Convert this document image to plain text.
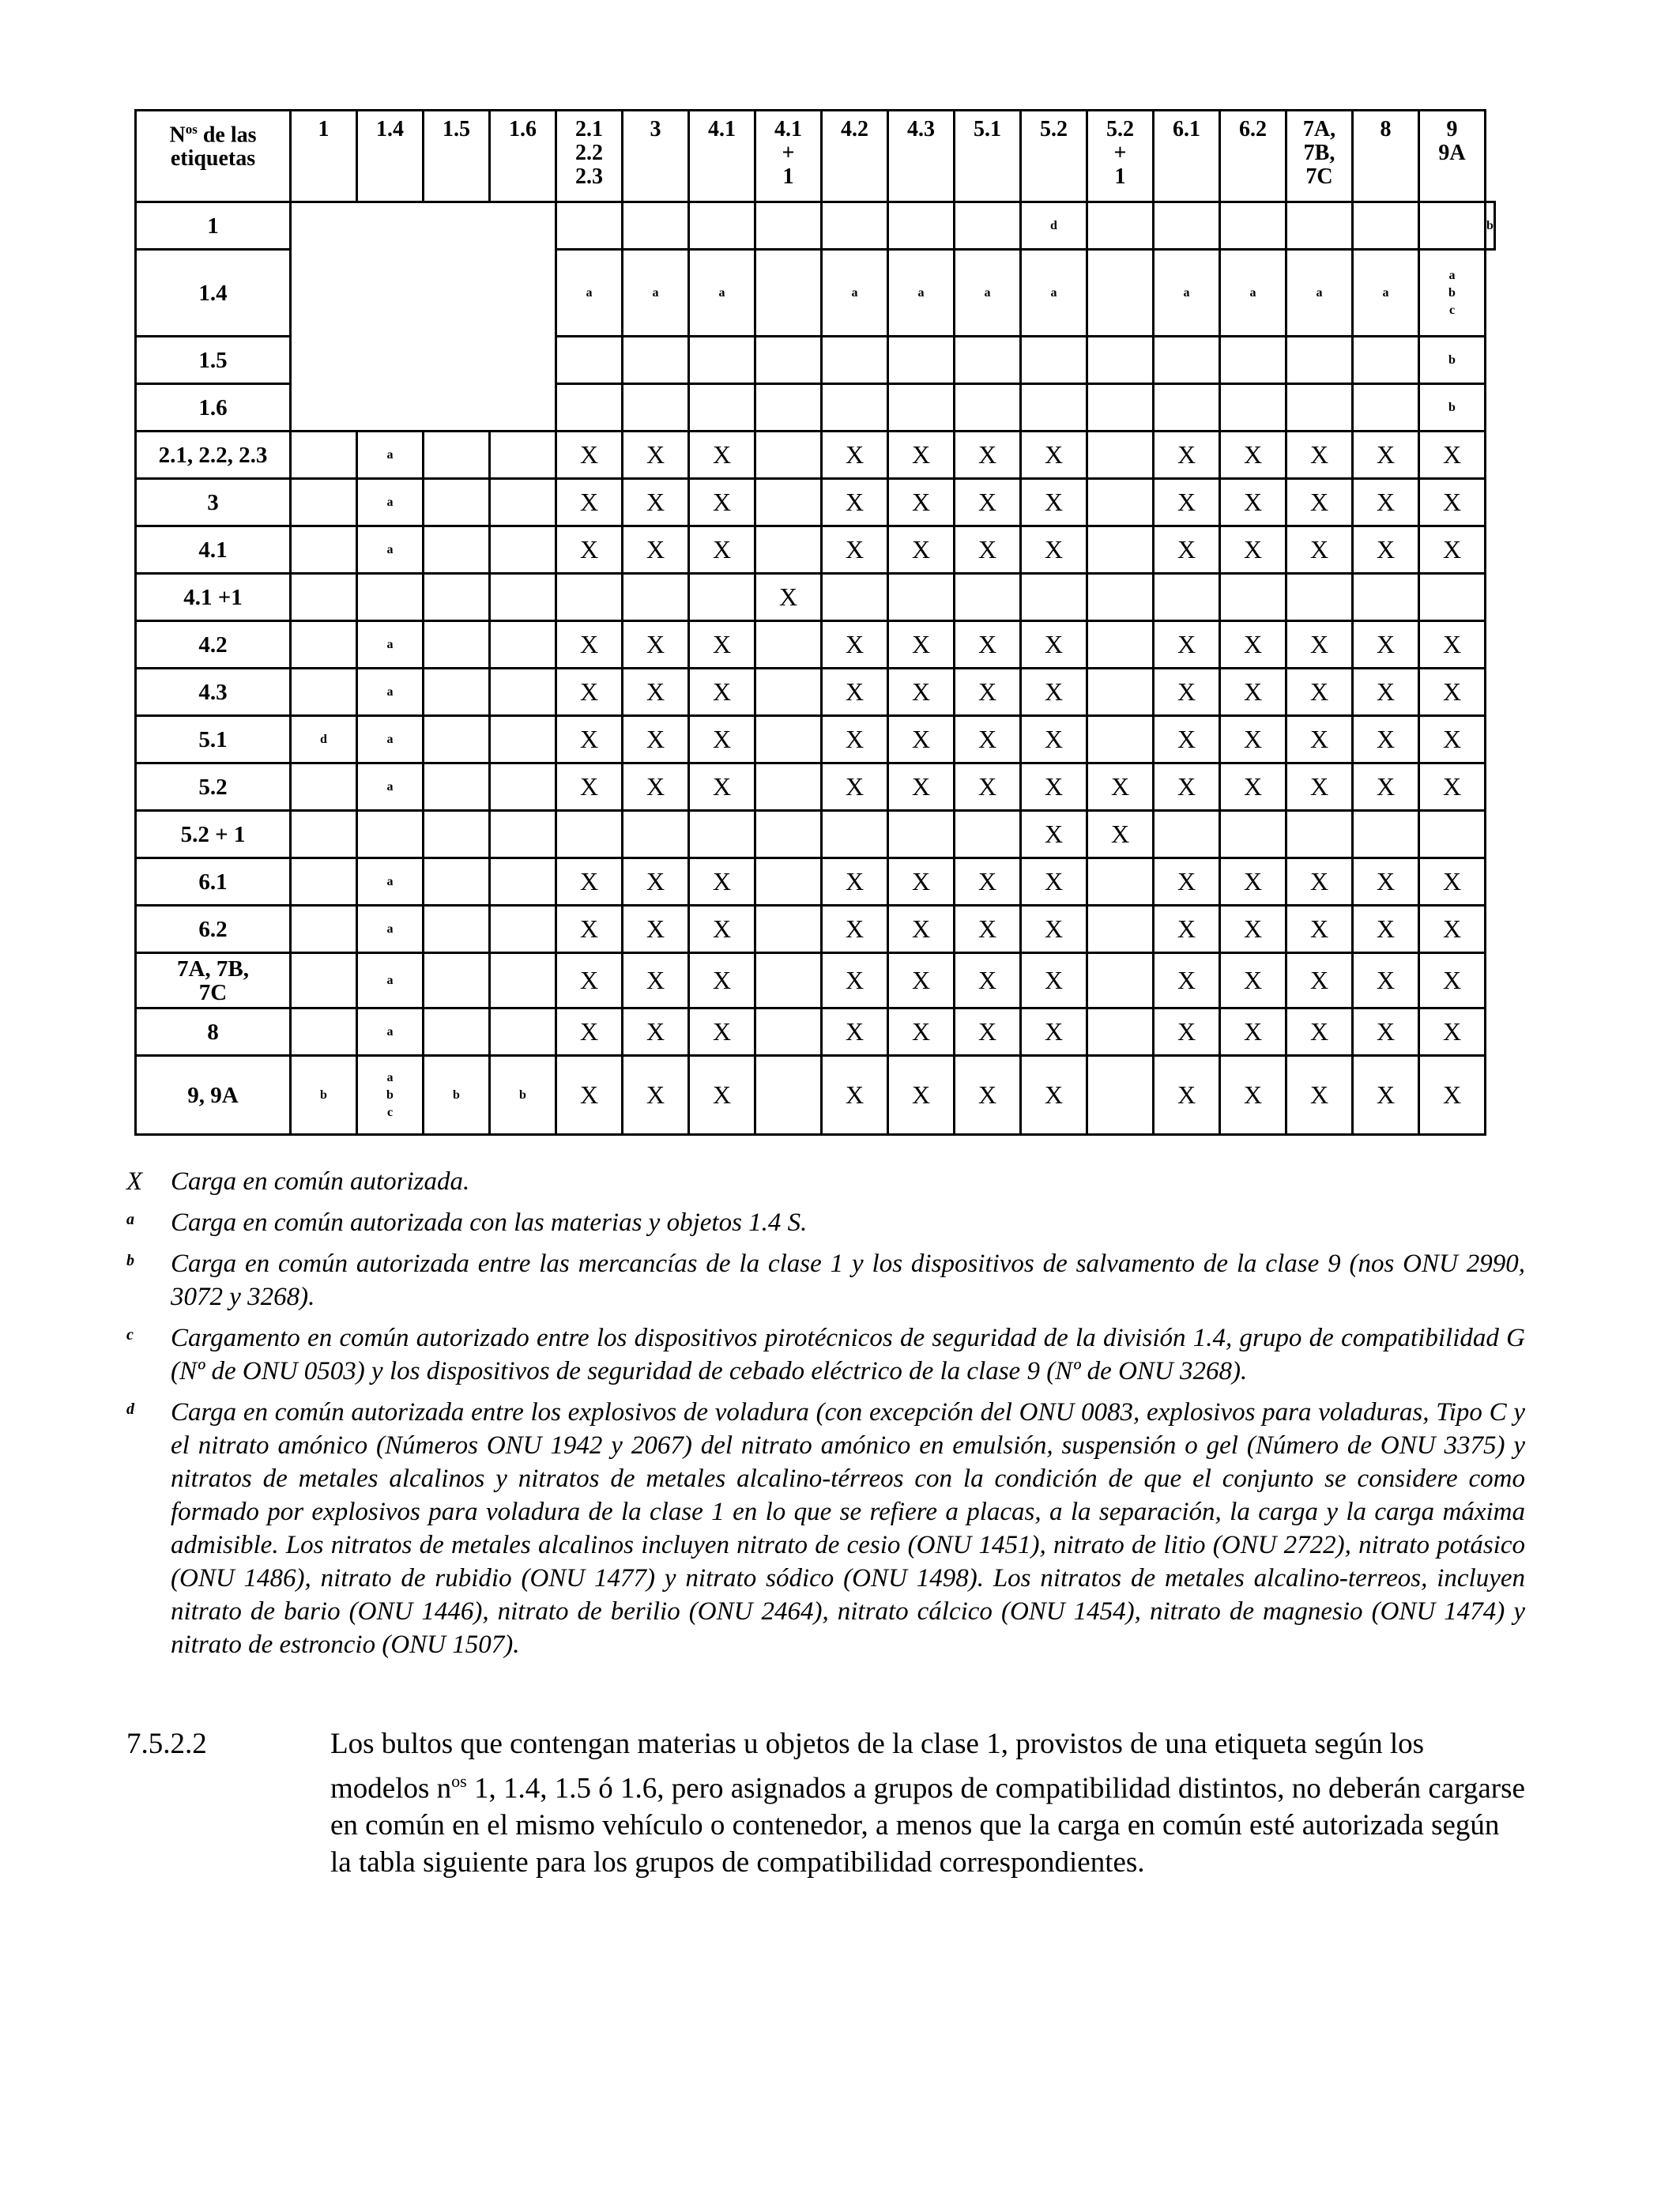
$N^{os}$ de las
etiquetas	1	1.4	1.5	1.6	2.1
2.2
2.3	3	4.1	4.1
+
1	4.2	4.3	5.1	5.2	5.2
+
1	6.1	6.2	7A,
7B,
7C	8	9
9A	

1												d							b
1.4					a	a	a		a	a	a	a		a	a	a	a	a
b
c	

1.5																		b	
1.6																		b	
2.1, 2.2, 2.3		a			X	X	X		X	X	X	X		X	X	X	X	X	
3		a			X	X	X		X	X	X	X		X	X	X	X	X	
4.1		a			X	X	X		X	X	X	X		X	X	X	X	X	
4.1 +1								X											
4.2		a			X	X	X		X	X	X	X		X	X	X	X	X	
4.3		a			X	X	X		X	X	X	X		X	X	X	X	X	
5.1	d	a			X	X	X		X	X	X	X		X	X	X	X	X	
5.2		a			X	X	X		X	X	X	X	X	X	X	X	X	X	
5.2 + 1												X	X						
6.1		a			X	X	X		X	X	X	X		X	X	X	X	X	
6.2		a			X	X	X		X	X	X	X		X	X	X	X	X	

7A, 7B,
7C		a			X	X	X		X	X	X	X		X	X	X	X	X	
8		a			X	X	X		X	X	X	X		X	X	X	X	X	
9, 9A	b	a
b
c	b	b	X	X	X		X	X	X	X		X	X	X	X	X	
X Carga en común autorizada.
a Carga en común autorizada con las materias y objetos 1.4 S.
b Carga en común autorizada entre las mercancías de la clase 1 y los dispositivos de salvamento de la clase 9 (nos ONU 2990, 3072 y 3268).
c Cargamento en común autorizado entre los dispositivos pirotécnicos de seguridad de la división 1.4, grupo de compatibilidad G (Nº de ONU 0503) y los dispositivos de seguridad de cebado eléctrico de la clase 9 (Nº de ONU 3268).
d Carga en común autorizada entre los explosivos de voladura (con excepción del ONU 0083, explosivos para voladuras, Tipo C y el nitrato amónico (Números ONU 1942 y 2067) del nitrato amónico en emulsión, suspensión o gel (Número de ONU 3375) y nitratos de metales alcalinos y nitratos de metales alcalino-térreos con la condición de que el conjunto se considere como formado por explosivos para voladura de la clase 1 en lo que se refiere a placas, a la separación, la carga y la carga máxima admisible. Los nitratos de metales alcalinos incluyen nitrato de cesio (ONU 1451), nitrato de litio (ONU 2722), nitrato potásico (ONU 1486), nitrato de rubidio (ONU 1477) y nitrato sódico (ONU 1498). Los nitratos de metales alcalino-terreos, incluyen nitrato de bario (ONU 1446), nitrato de berilio (ONU 2464), nitrato cálcico (ONU 1454), nitrato de magnesio (ONU 1474) y nitrato de estroncio (ONU 1507).
7.5.2.2	Los bultos que contengan materias u objetos de la clase 1, provistos de una etiqueta según los modelos $n^{os}$ 1, 1.4, 1.5 ó 1.6, pero asignados a grupos de compatibilidad distintos, no deberán cargarse en común en el mismo vehículo o contenedor, a menos que la carga en común esté autorizada según la tabla siguiente para los grupos de compatibilidad correspondientes.
